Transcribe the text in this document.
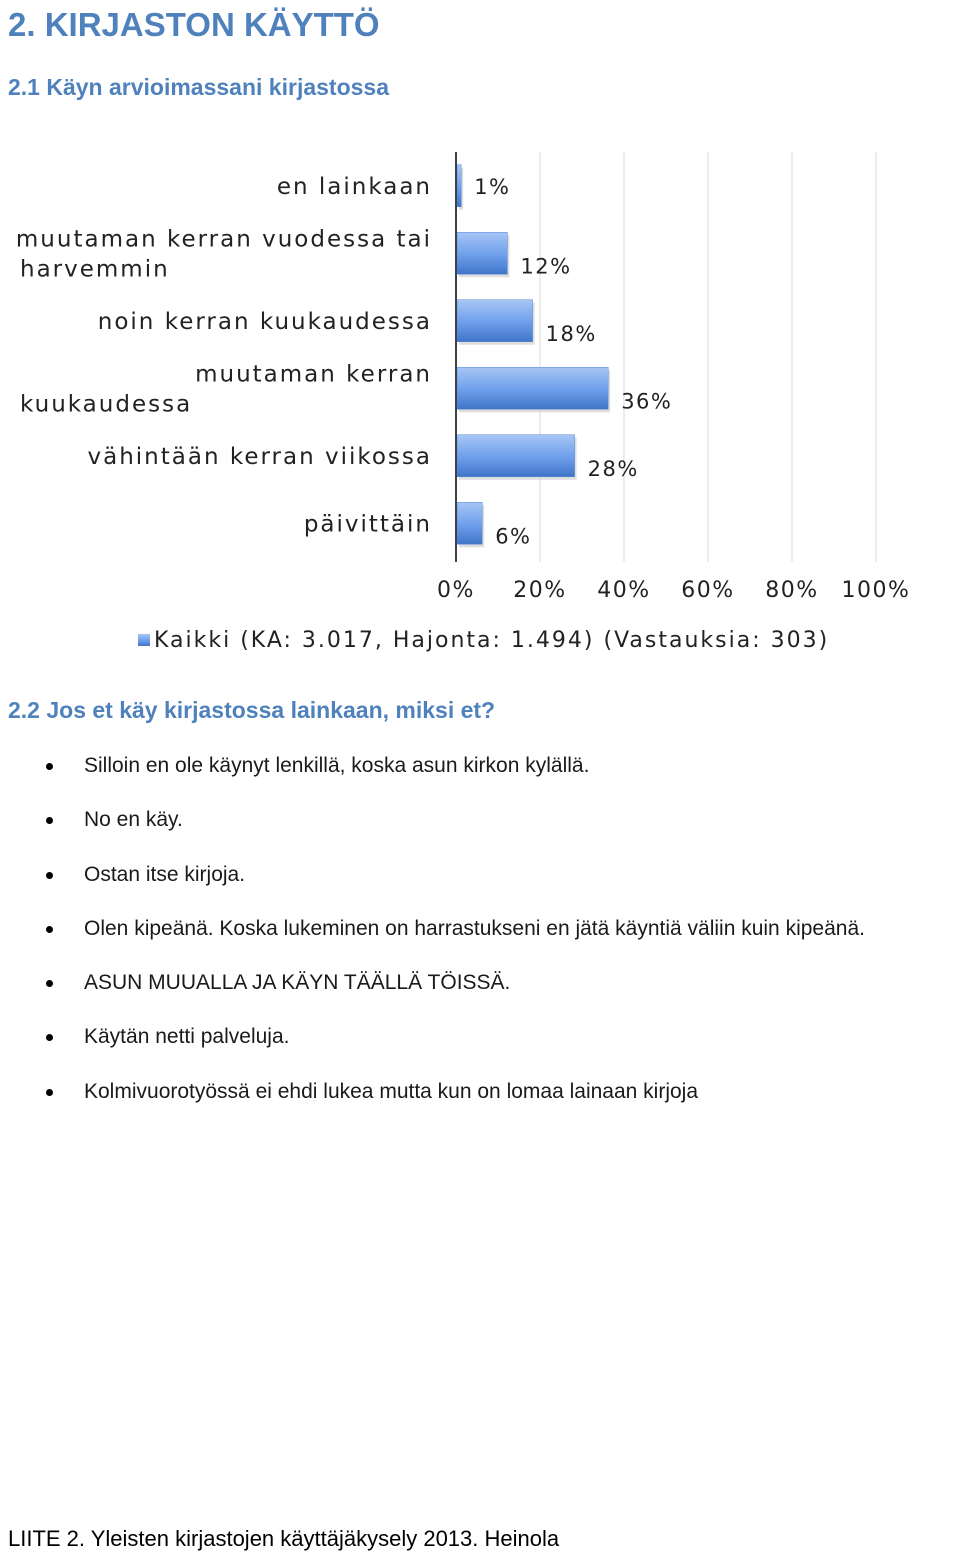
2. KIRJASTON KÄYTTÖ
2.1 Käyn arvioimassani kirjastossa
0% 20% 40% 60% 80% 100%
1%
en lainkaan
12%
muutaman kerran vuodessa tai
harvemmin
18%
noin kerran kuukaudessa
36%
muutaman kerran
kuukaudessa
28%
vähintään kerran viikossa
6%
päivittäin
Kaikki (KA: 3.017, Hajonta: 1.494) (Vastauksia: 303)
2.2 Jos et käy kirjastossa lainkaan, miksi et?
Silloin en ole käynyt lenkillä, koska asun kirkon kylällä.
No en käy.
Ostan itse kirjoja.
Olen kipeänä. Koska lukeminen on harrastukseni en jätä käyntiä väliin kuin kipeänä.
ASUN MUUALLA JA KÄYN TÄÄLLÄ TÖISSÄ.
Käytän netti palveluja.
Kolmivuorotyössä ei ehdi lukea mutta kun on lomaa lainaan kirjoja
LIITE 2. Yleisten kirjastojen käyttäjäkysely 2013. Heinola
